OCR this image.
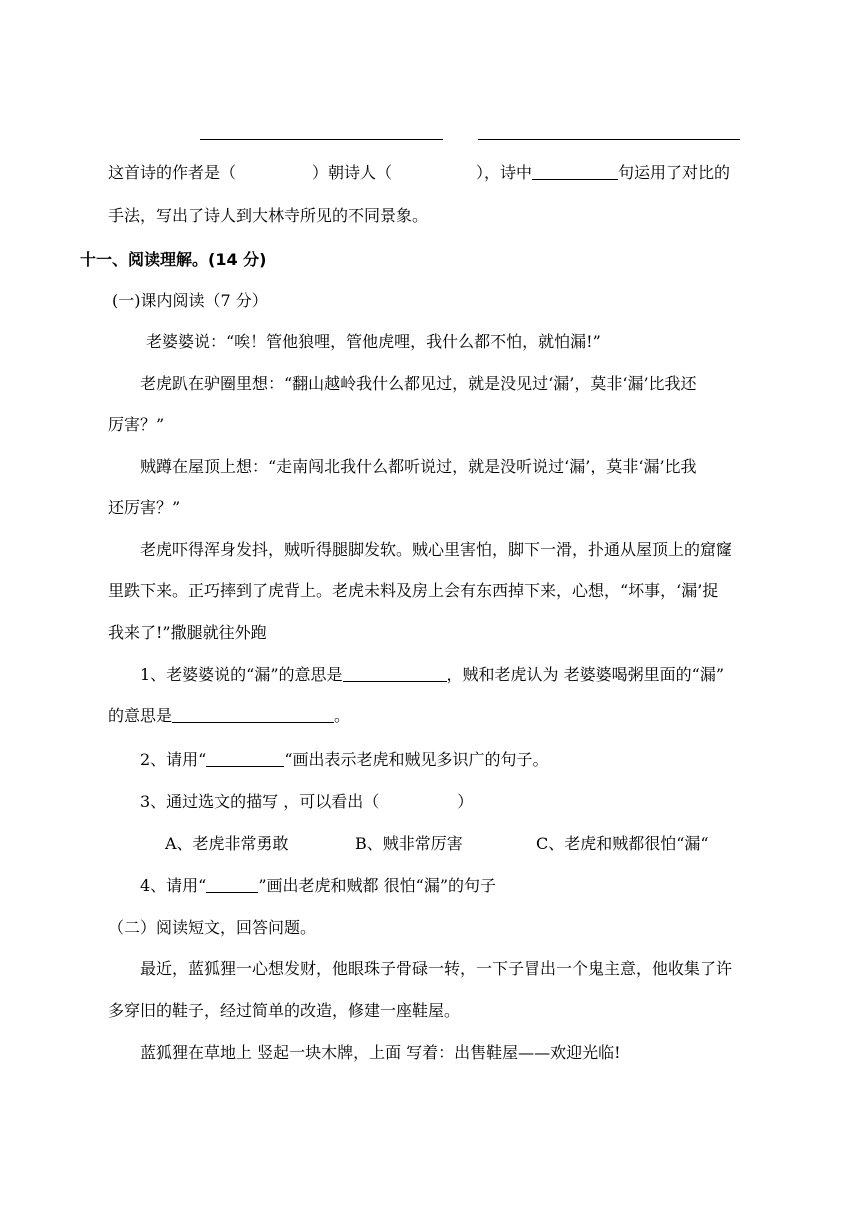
这首诗的作者是（	）朝诗人（	），诗中	句运用了对比的
手法，写出了诗人到大林寺所见的不同景象。
十一、阅读理解。(14 分)
(一)课内阅读（7 分）
老婆婆说：“唉！管他狼哩，管他虎哩，我什么都不怕，就怕漏!”
老虎趴在驴圈里想：“翻山越岭我什么都见过，就是没见过‘漏’，莫非‘漏’比我还
厉害？”
贼蹲在屋顶上想：“走南闯北我什么都听说过，就是没听说过‘漏’，莫非‘漏’比我
还厉害？”
老虎吓得浑身发抖，贼听得腿脚发软。贼心里害怕，脚下一滑，扑通从屋顶上的窟窿
里跌下来。正巧摔到了虎背上。老虎未料及房上会有东西掉下来，心想，“坏事，‘漏’捉
我来了!”撒腿就往外跑
1、老婆婆说的“漏”的意思是	，贼和老虎认为 老婆婆喝粥里面的“漏”
的意思是	。
2、请用“	“画出表示老虎和贼见多识广的句子。
3、通过选文的描写 ，可以看出（	）
A、老虎非常勇敢	B、贼非常厉害	C、老虎和贼都很怕“漏“
4、请用“	”画出老虎和贼都 很怕“漏”的句子
（二）阅读短文，回答问题。
最近，蓝狐狸一心想发财，他眼珠子骨碌一转，一下子冒出一个鬼主意，他收集了许
多穿旧的鞋子，经过简单的改造，修建一座鞋屋。
蓝狐狸在草地上 竖起一块木牌，上面 写着：出售鞋屋——欢迎光临!
